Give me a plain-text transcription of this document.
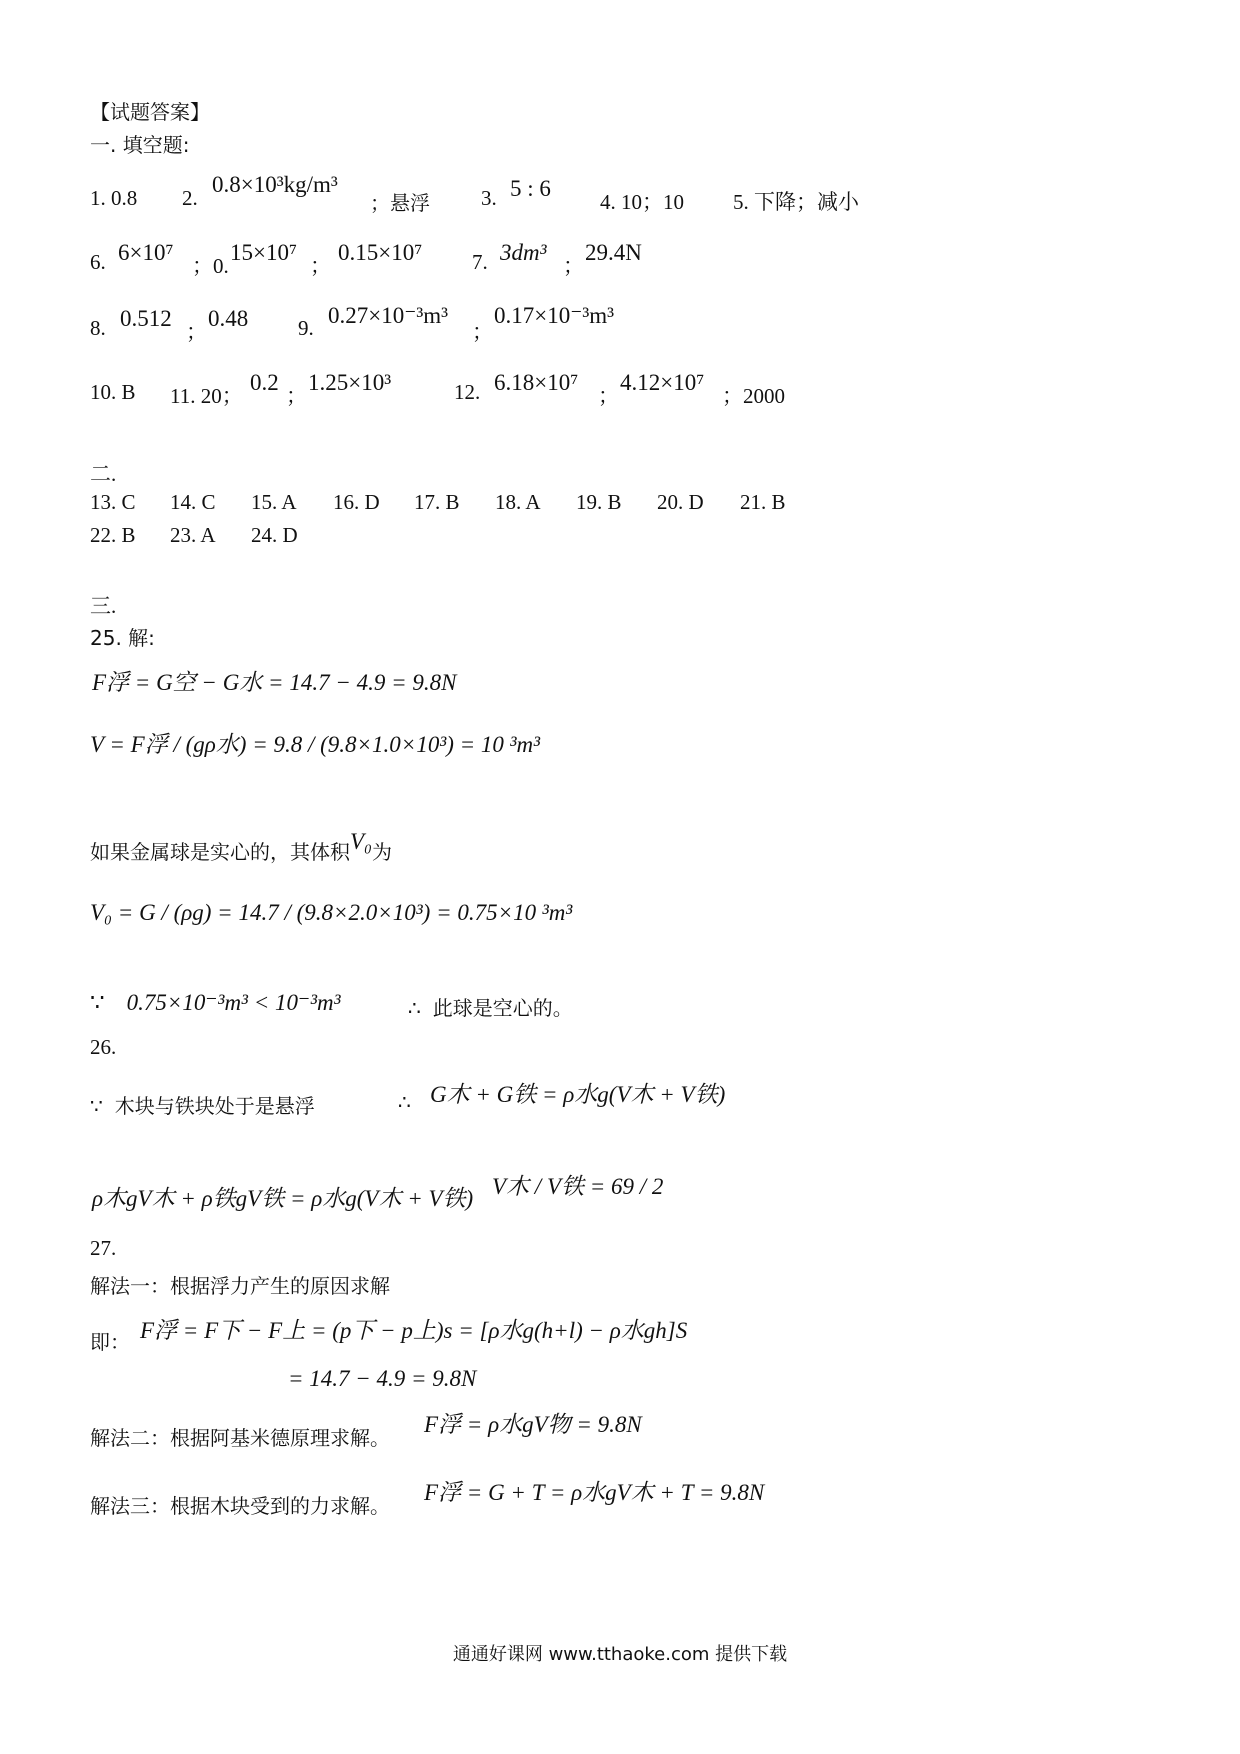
【试题答案】
一. 填空题:
1. 0.8 2.
0.8×10³kg/m³
；悬浮 3. 5 : 6
4. 10；10 5. 下降；减小
6. 6×10⁷
；0.
15×10⁷
；
0.15×10⁷ 7. 3dm³
；
29.4N
8. 0.512
；
0.48 9. 0.27×10⁻³m³
；
0.17×10⁻³m³
10. B 11. 20；
0.2
；
1.25×10³	12. 6.18×10⁷
；
4.12×10⁷
；2000
二.
13. C 14. C 15. A 16. D 17. B 18. A 19. B 20. D 21. B
22. B 23. A 24. D
三.
25. 解:
F浮 = G空 − G水 = 14.7 − 4.9 = 9.8N
V = F浮 / (gρ水) = 9.8 / (9.8×1.0×10³) = 10 ³m³
如果金属球是实心的，其体积V₀为
V₀ = G / (ρg) = 14.7 / (9.8×2.0×10³) = 0.75×10 ³m³
∵ 0.75×10⁻³m³ < 10⁻³m³	∴ 此球是空心的。
26.
∵ 木块与铁块处于是悬浮	∴ G木 + G铁 = ρ水g(V木 + V铁)
ρ木gV木 + ρ铁gV铁 = ρ水g(V木 + V铁) V木 / V铁 = 69 / 2
27.
解法一：根据浮力产生的原因求解
即： F浮 = F下 − F上 = (p下 − p上)s = [ρ水g(h+l) − ρ水gh]S
= 14.7 − 4.9 = 9.8N
解法二：根据阿基米德原理求解。
F浮 = ρ水gV物 = 9.8N
解法三：根据木块受到的力求解。
F浮 = G + T = ρ水gV木 + T = 9.8N
通通好课网 www.tthaoke.com 提供下载
